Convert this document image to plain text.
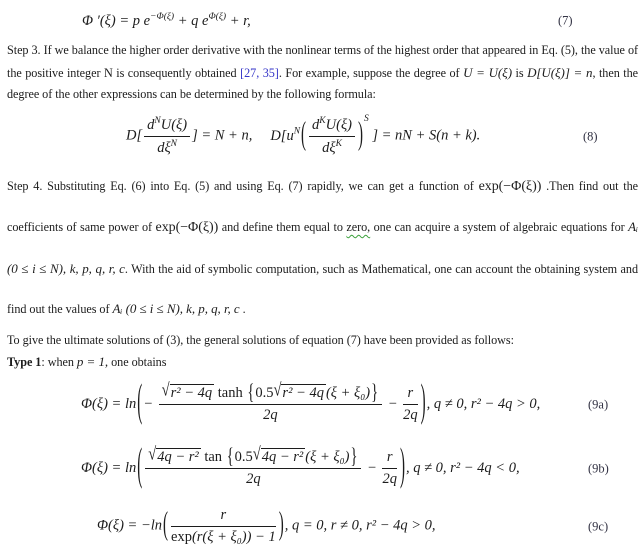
Φ ′(ξ) = p $e^{-\Phi(\xi)} + q$ $e^{\Phi(\xi)} + r$,	(7)

Step 3. If we balance the higher order derivative with the nonlinear terms of the highest order that appeared in Eq. (5), the value of the positive integer N is consequently obtained [27, 35]. For example, suppose the degree of U = U(ξ) is D[U(ξ)] = n, then the degree of the other expressions can be determined by the following formula:

$D[ \frac{d^NU(\xi)}{d\xi^N}$ ] = N + n, $D[u^N( \frac{d^KU(\xi)}{d\xi^K} )^S$ ] = nN + S(n + k).	(8)

Step 4. Substituting Eq. (6) into Eq. (5) and using Eq. (7) rapidly, we can get a function of exp(−Φ(ξ)) .Then find out the coefficients of same power of exp(−Φ(ξ)) and define them equal to zero, one can acquire a system of algebraic equations for Aᵢ (0 ≤ i ≤ N), k, p, q, r, c. With the aid of symbolic computation, such as Mathematical, one can account the obtaining system and find out the values of Aᵢ (0 ≤ i ≤ N), k, p, q, r, c .

To give the ultimate solutions of (3), the general solutions of equation (7) have been provided as follows:

Type 1: when p = 1, one obtains

$\Phi(\xi) = \ln(- \frac{\text{√r² − 4q tanh \{0.5√r² − 4q (ξ + ξ₀)\}}}{2q} - \frac{r}{2q}$ ), q ≠ 0, r² − 4q > 0,	(9a)
$\Phi(\xi) = \ln( \frac{\text{√4q − r² tan \{0.5√4q − r² (ξ + ξ₀)\}}}{2q} - \frac{r}{2q}$ ), q ≠ 0, r² − 4q < 0,	(9b)
$\Phi(\xi) = -\ln( \frac{r}{\text{exp(r(ξ + ξ₀)) − 1}}$ ), q = 0, r ≠ 0, r² − 4q > 0,	(9c)
